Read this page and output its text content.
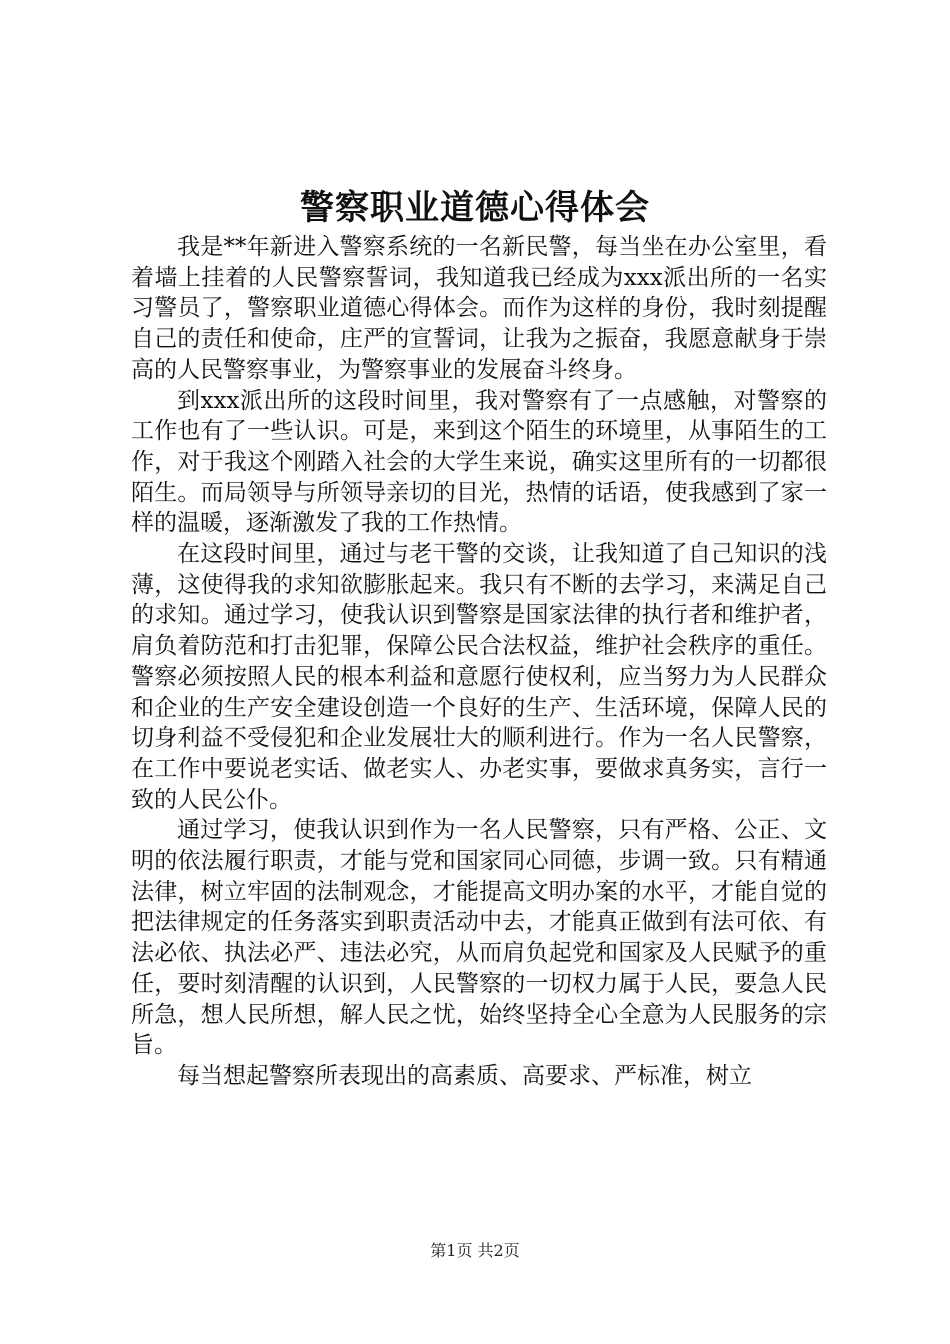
警察职业道德心得体会

我是**年新进入警察系统的一名新民警，每当坐在办公室里，看着墙上挂着的人民警察誓词，我知道我已经成为xxx派出所的一名实习警员了，警察职业道德心得体会。而作为这样的身份，我时刻提醒自己的责任和使命，庄严的宣誓词，让我为之振奋，我愿意献身于崇高的人民警察事业，为警察事业的发展奋斗终身。

到xxx派出所的这段时间里，我对警察有了一点感触，对警察的工作也有了一些认识。可是，来到这个陌生的环境里，从事陌生的工作，对于我这个刚踏入社会的大学生来说，确实这里所有的一切都很陌生。而局领导与所领导亲切的目光，热情的话语，使我感到了家一样的温暖，逐渐激发了我的工作热情。

在这段时间里，通过与老干警的交谈，让我知道了自己知识的浅薄，这使得我的求知欲膨胀起来。我只有不断的去学习，来满足自己的求知。通过学习，使我认识到警察是国家法律的执行者和维护者，肩负着防范和打击犯罪，保障公民合法权益，维护社会秩序的重任。警察必须按照人民的根本利益和意愿行使权利，应当努力为人民群众和企业的生产安全建设创造一个良好的生产、生活环境，保障人民的切身利益不受侵犯和企业发展壮大的顺利进行。作为一名人民警察，在工作中要说老实话、做老实人、办老实事，要做求真务实，言行一致的人民公仆。

通过学习，使我认识到作为一名人民警察，只有严格、公正、文明的依法履行职责，才能与党和国家同心同德，步调一致。只有精通法律，树立牢固的法制观念，才能提高文明办案的水平，才能自觉的把法律规定的任务落实到职责活动中去，才能真正做到有法可依、有法必依、执法必严、违法必究，从而肩负起党和国家及人民赋予的重任，要时刻清醒的认识到，人民警察的一切权力属于人民，要急人民所急，想人民所想，解人民之忧，始终坚持全心全意为人民服务的宗旨。

每当想起警察所表现出的高素质、高要求、严标准，树立

第1页 共2页
